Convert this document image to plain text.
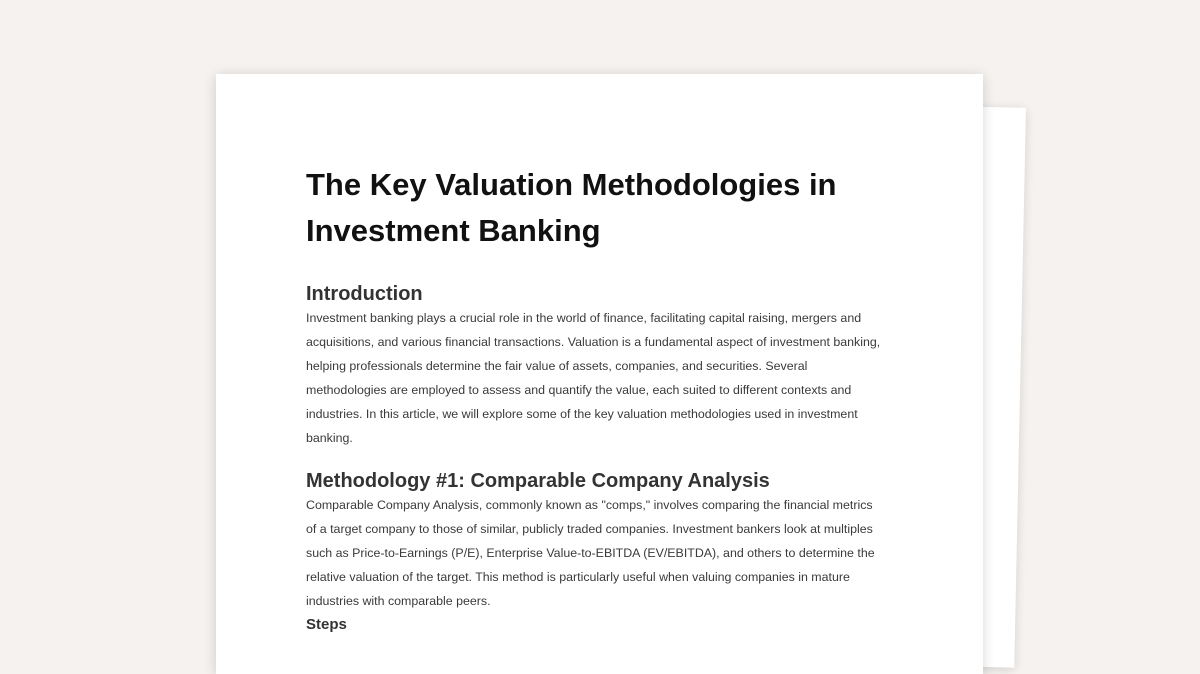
The Key Valuation Methodologies in Investment Banking
Introduction

Investment banking plays a crucial role in the world of finance, facilitating capital raising, mergers and
acquisitions, and various financial transactions. Valuation is a fundamental aspect of investment banking,
helping professionals determine the fair value of assets, companies, and securities. Several
methodologies are employed to assess and quantify the value, each suited to different contexts and
industries. In this article, we will explore some of the key valuation methodologies used in investment
banking.

Methodology #1: Comparable Company Analysis

Comparable Company Analysis, commonly known as "comps," involves comparing the financial metrics
of a target company to those of similar, publicly traded companies. Investment bankers look at multiples
such as Price-to-Earnings (P/E), Enterprise Value-to-EBITDA (EV/EBITDA), and others to determine the
relative valuation of the target. This method is particularly useful when valuing companies in mature
industries with comparable peers.

Steps
